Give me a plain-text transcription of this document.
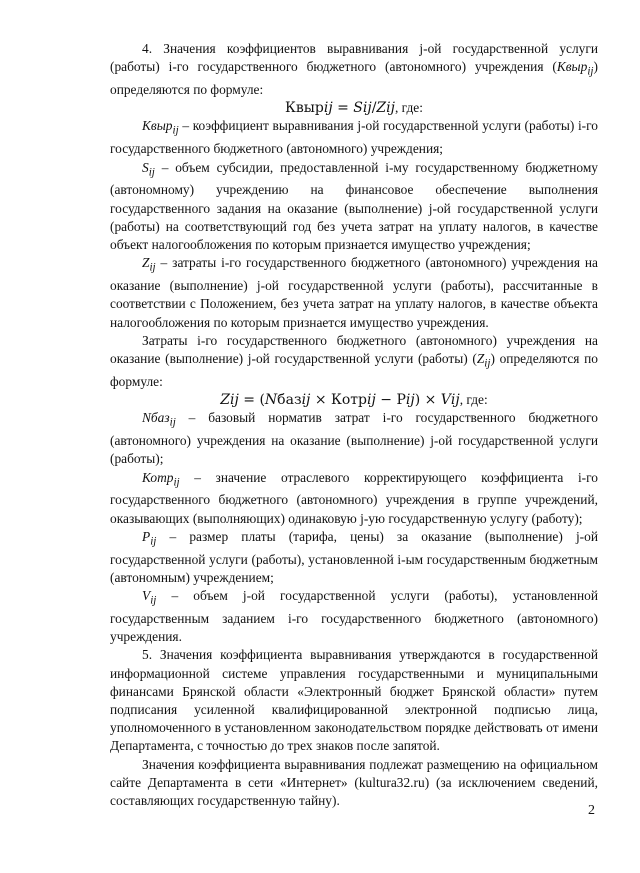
4. Значения коэффициентов выравнивания j-ой государственной услуги (работы) i-го государственного бюджетного (автономного) учреждения (Квыр$_{ij}$) определяются по формуле:

Квыр𝑖𝑗 = 𝑆𝑖𝑗/𝑍𝑖𝑗, где:

Квыр$_{ij}$ – коэффициент выравнивания j-ой государственной услуги (работы) i-го государственного бюджетного (автономного) учреждения;

$S_{ij}$ – объем субсидии, предоставленной i-му государственному бюджетному (автономному) учреждению на финансовое обеспечение выполнения государственного задания на оказание (выполнение) j-ой государственной услуги (работы) на соответствующий год без учета затрат на уплату налогов, в качестве объект налогообложения по которым признается имущество учреждения;

$Z_{ij}$ – затраты i-го государственного бюджетного (автономного) учреждения на оказание (выполнение) j-ой государственной услуги (работы), рассчитанные в соответствии с Положением, без учета затрат на уплату налогов, в качестве объекта налогообложения по которым признается имущество учреждения.

Затраты i-го государственного бюджетного (автономного) учреждения на оказание (выполнение) j-ой государственной услуги (работы) $(Z_{ij})$ определяются по формуле:

𝑍𝑖𝑗 = (𝑁баз𝑖𝑗 × Котр𝑖𝑗 − Р𝑖𝑗) × 𝑉𝑖𝑗, где:

Nбаз$_{ij}$ – базовый норматив затрат i-го государственного бюджетного (автономного) учреждения на оказание (выполнение) j-ой государственной услуги (работы);

Котр$_{ij}$ – значение отраслевого корректирующего коэффициента i-го государственного бюджетного (автономного) учреждения в группе учреждений, оказывающих (выполняющих) одинаковую j-ую государственную услугу (работу);

$P_{ij}$ – размер платы (тарифа, цены) за оказание (выполнение) j-ой государственной услуги (работы), установленной i-ым государственным бюджетным (автономным) учреждением;

$V_{ij}$ – объем j-ой государственной услуги (работы), установленной государственным заданием i-го государственного бюджетного (автономного) учреждения.

5. Значения коэффициента выравнивания утверждаются в государственной информационной системе управления государственными и муниципальными финансами Брянской области «Электронный бюджет Брянской области» путем подписания усиленной квалифицированной электронной подписью лица, уполномоченного в установленном законодательством порядке действовать от имени Департамента, с точностью до трех знаков после запятой.

Значения коэффициента выравнивания подлежат размещению на официальном сайте Департамента в сети «Интернет» (kultura32.ru) (за исключением сведений, составляющих государственную тайну).

2
